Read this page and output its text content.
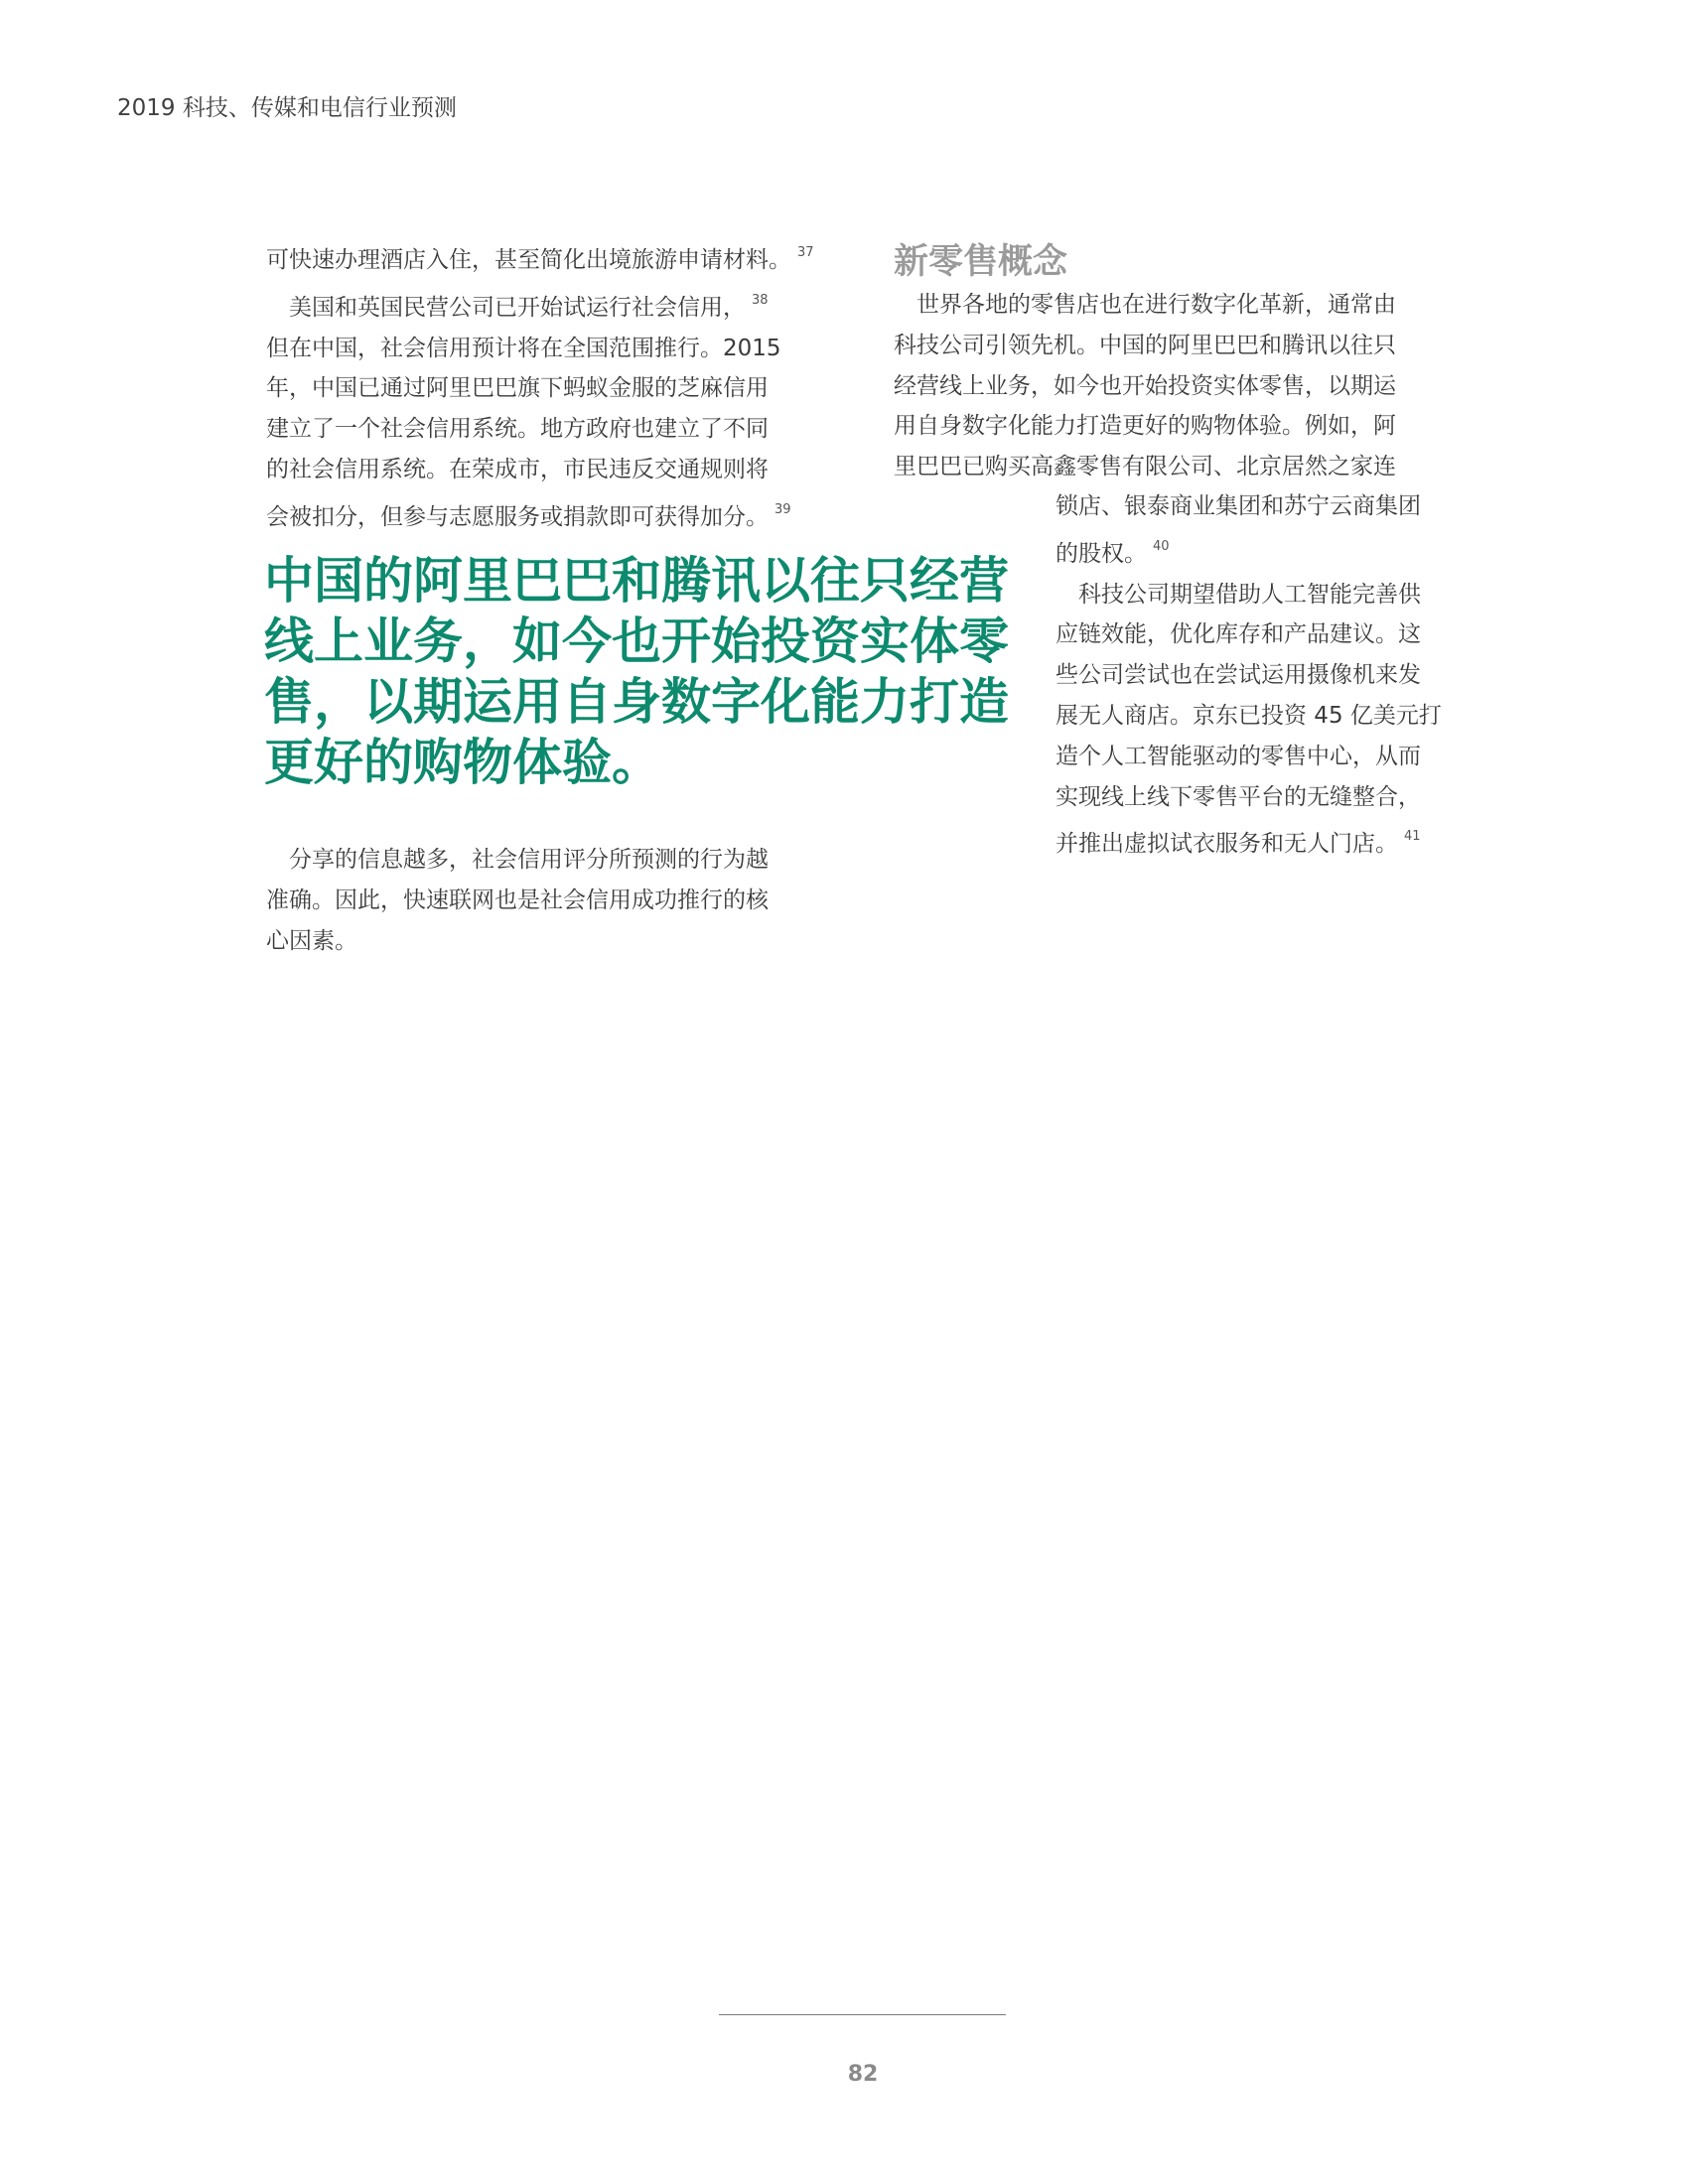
2019 科技、传媒和电信行业预测

可快速办理酒店入住，甚至简化出境旅游申请材料。 $^{37}$

美国和英国民营公司已开始试运行社会信用， $^{38}$

但在中国，社会信用预计将在全国范围推行。2015

年，中国已通过阿里巴巴旗下蚂蚁金服的芝麻信用

建立了一个社会信用系统。地方政府也建立了不同

的社会信用系统。在荣成市，市民违反交通规则将

会被扣分，但参与志愿服务或捐款即可获得加分。 $^{39}$

中国的阿里巴巴和腾讯以往只经营
线上业务，如今也开始投资实体零
售，以期运用自身数字化能力打造
更好的购物体验。

分享的信息越多，社会信用评分所预测的行为越

准确。因此，快速联网也是社会信用成功推行的核

心因素。

新零售概念

世界各地的零售店也在进行数字化革新，通常由

科技公司引领先机。中国的阿里巴巴和腾讯以往只

经营线上业务，如今也开始投资实体零售，以期运

用自身数字化能力打造更好的购物体验。例如，阿

里巴巴已购买高鑫零售有限公司、北京居然之家连

锁店、银泰商业集团和苏宁云商集团

的股权。 $^{40}$

科技公司期望借助人工智能完善供

应链效能，优化库存和产品建议。这

些公司尝试也在尝试运用摄像机来发

展无人商店。京东已投资 45 亿美元打

造个人工智能驱动的零售中心，从而

实现线上线下零售平台的无缝整合，

并推出虚拟试衣服务和无人门店。 $^{41}$

82
